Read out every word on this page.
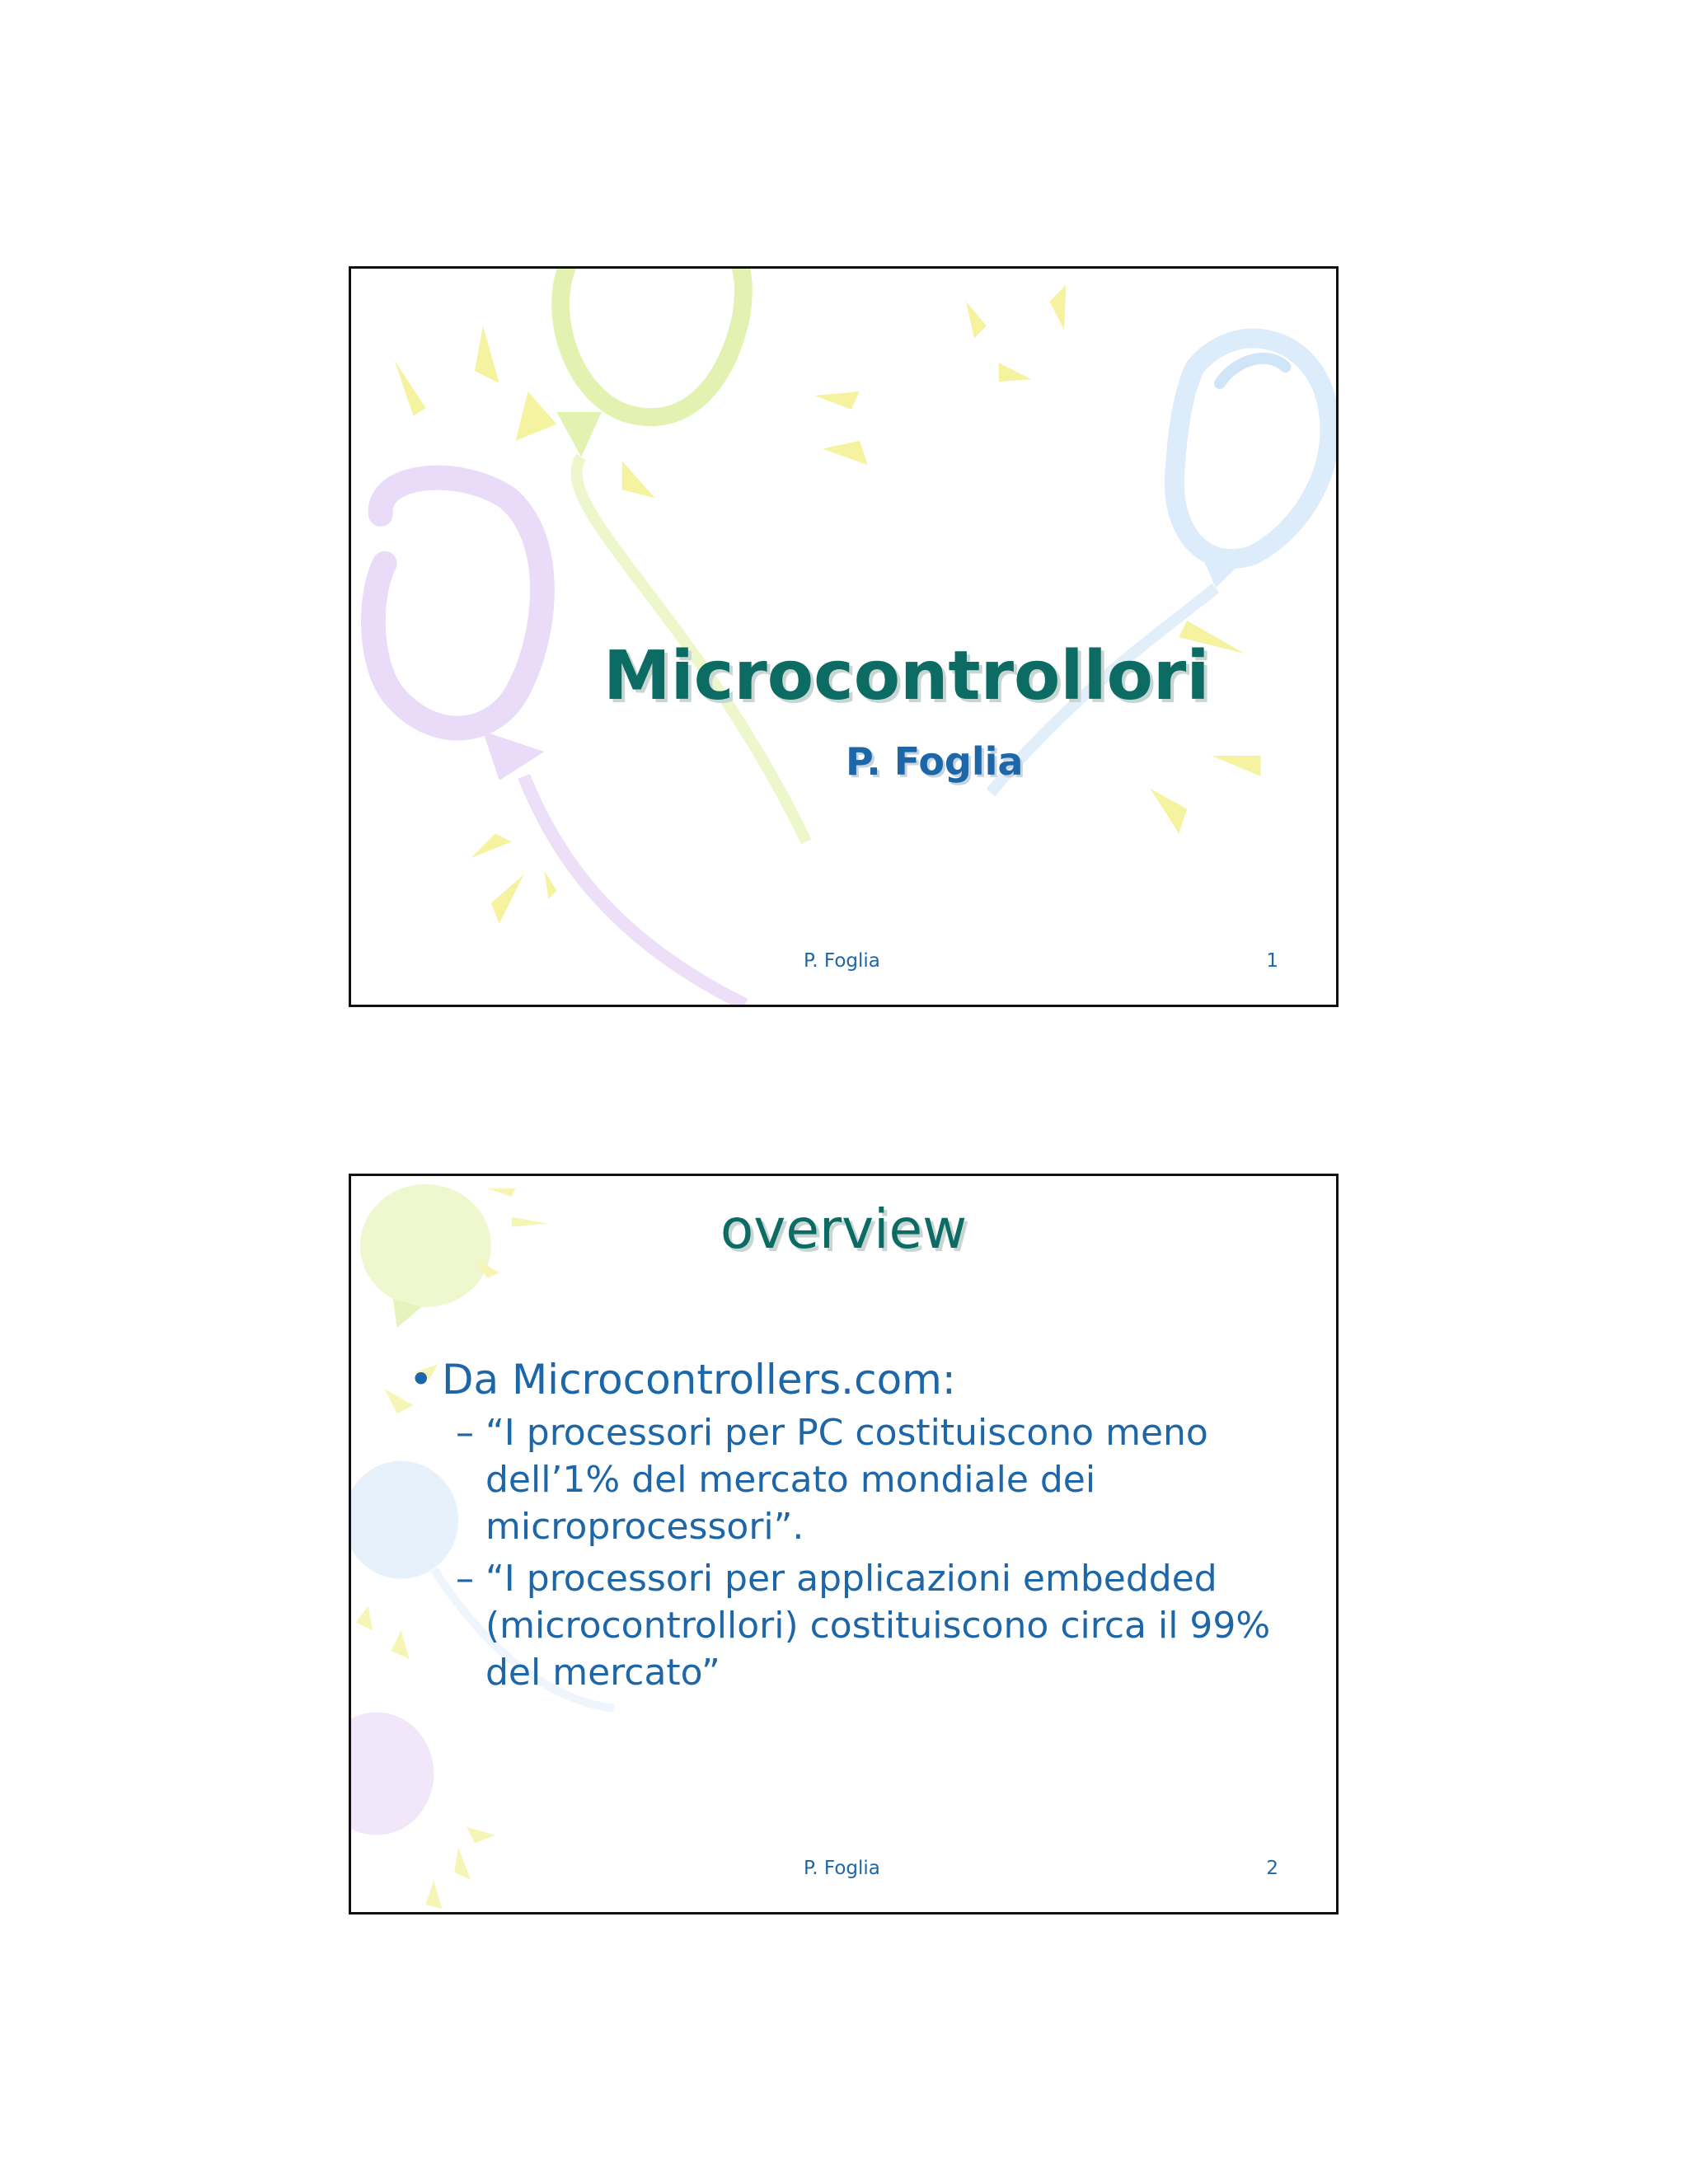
Microcontrollori
P. Foglia
P. Foglia	1
overview
• Da Microcontrollers.com:
– “I processori per PC costituiscono meno dell’1% del mercato mondiale dei microprocessori”.
– “I processori per applicazioni embedded (microcontrollori) costituiscono circa il 99% del mercato”
P. Foglia	2
